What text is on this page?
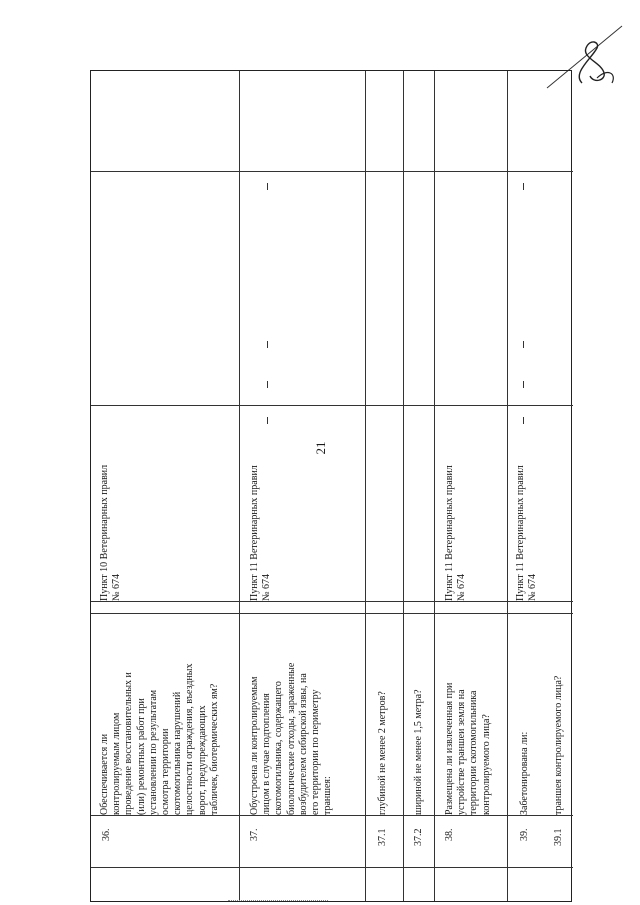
21
36.
Обеспечивается ли
контролируемым лицом
проведение восстановительных и
(или) ремонтных работ при
установлении по результатам
осмотра территории
скотомогильника нарушений
целостности ограждения, въездных
ворот, предупреждающих
табличек, биотермических ям?
Пункт 10 Ветеринарных правил
№ 674
37.
Обустроена ли контролируемым
лицом в случае подтопления
скотомогильника, содержащего
биологические отходы, зараженные
возбудителем сибирской язвы, на
его территории по периметру
траншея:
Пункт 11 Ветеринарных правил
№ 674
37.1
глубиной не менее 2 метров?
37.2
шириной не менее 1,5 метра?
38.
Размещена ли извлеченная при
устройстве траншеи земля на
территории скотомогильника
контролируемого лица?
Пункт 11 Ветеринарных правил
№ 674
39.
Забетонирована ли:
Пункт 11 Ветеринарных правил
№ 674
39.1
траншея контролируемого лица?
